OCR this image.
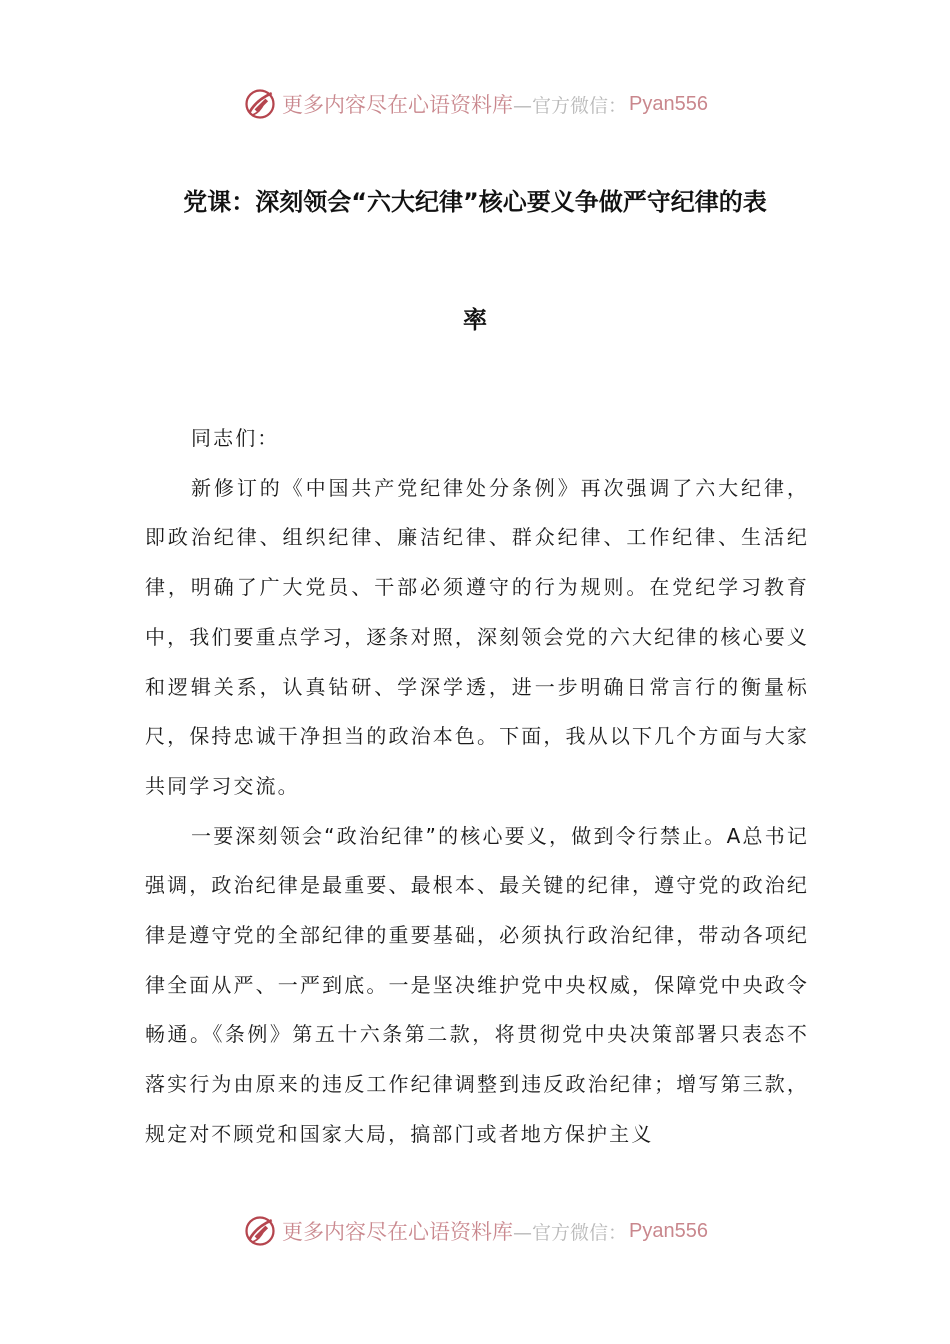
更多内容尽在心语资料库 —官方微信： Pyan556
党课：深刻领会“六大纪律”核心要义争做严守纪律的表
率

同志们：

新修订的《中国共产党纪律处分条例》再次强调了六大纪律，即政治纪律、组织纪律、廉洁纪律、群众纪律、工作纪律、生活纪律，明确了广大党员、干部必须遵守的行为规则。在党纪学习教育中，我们要重点学习，逐条对照，深刻领会党的六大纪律的核心要义和逻辑关系，认真钻研、学深学透，进一步明确日常言行的衡量标尺，保持忠诚干净担当的政治本色。下面，我从以下几个方面与大家共同学习交流。

一要深刻领会“政治纪律”的核心要义，做到令行禁止。A总书记强调，政治纪律是最重要、最根本、最关键的纪律，遵守党的政治纪律是遵守党的全部纪律的重要基础，必须执行政治纪律，带动各项纪律全面从严、一严到底。一是坚决维护党中央权威，保障党中央政令畅通。《条例》第五十六条第二款，将贯彻党中央决策部署只表态不落实行为由原来的违反工作纪律调整到违反政治纪律；增写第三款，规定对不顾党和国家大局，搞部门或者地方保护主义

更多内容尽在心语资料库 —官方微信： Pyan556
